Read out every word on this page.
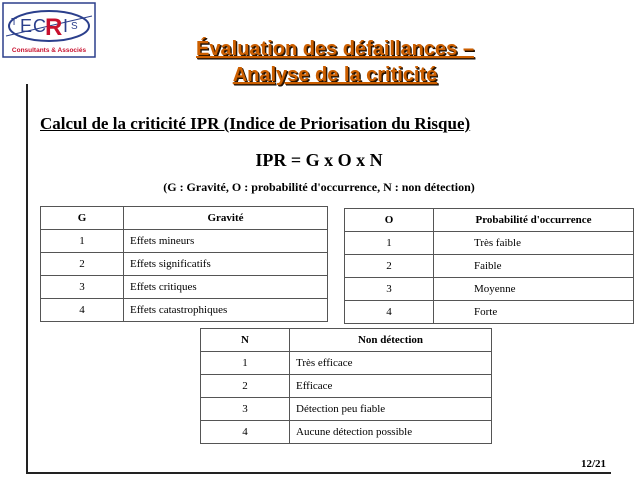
T E C R I S
Consultants & Associés	Évaluation des défaillances –
Analyse de la criticité
Calcul de la criticité IPR (Indice de Priorisation du Risque)
IPR = G x O x N
(G : Gravité, O : probabilité d'occurrence, N : non détection)
G	Gravité
1	Effets mineurs
2	Effets significatifs
3	Effets critiques
4	Effets catastrophiques
O	Probabilité d'occurrence
1	Très faible
2	Faible
3	Moyenne
4	Forte
N	Non détection
1	Très efficace
2	Efficace
3	Détection peu fiable
4	Aucune détection possible
12/21
